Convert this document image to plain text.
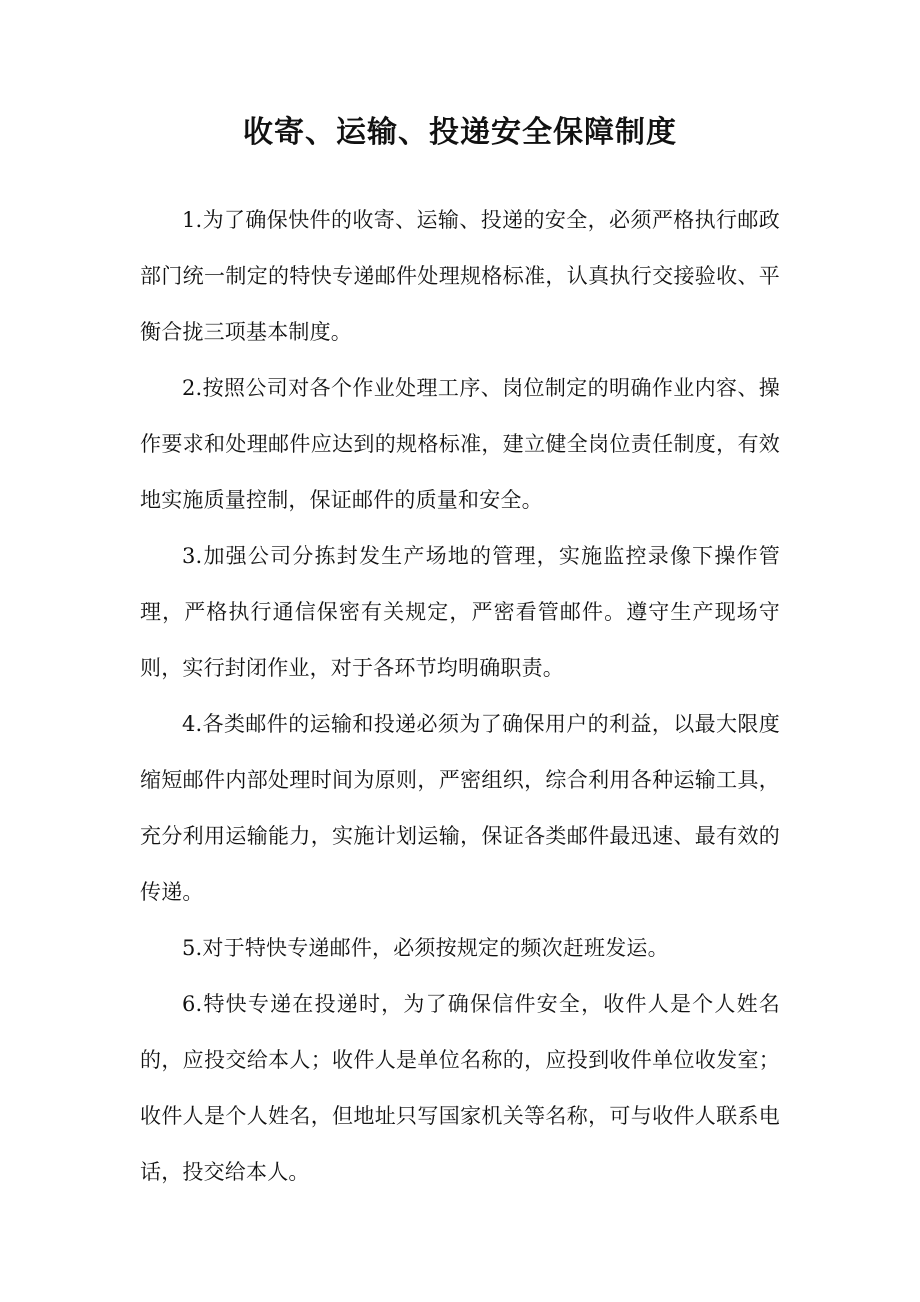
收寄、运输、投递安全保障制度

1.为了确保快件的收寄、运输、投递的安全，必须严格执行邮政部门统一制定的特快专递邮件处理规格标准，认真执行交接验收、平衡合拢三项基本制度。

2.按照公司对各个作业处理工序、岗位制定的明确作业内容、操作要求和处理邮件应达到的规格标准，建立健全岗位责任制度，有效地实施质量控制，保证邮件的质量和安全。

3.加强公司分拣封发生产场地的管理，实施监控录像下操作管理，严格执行通信保密有关规定，严密看管邮件。遵守生产现场守则，实行封闭作业，对于各环节均明确职责。

4.各类邮件的运输和投递必须为了确保用户的利益，以最大限度缩短邮件内部处理时间为原则，严密组织，综合利用各种运输工具，充分利用运输能力，实施计划运输，保证各类邮件最迅速、最有效的传递。

5.对于特快专递邮件，必须按规定的频次赶班发运。

6.特快专递在投递时，为了确保信件安全，收件人是个人姓名的，应投交给本人；收件人是单位名称的，应投到收件单位收发室；收件人是个人姓名，但地址只写国家机关等名称，可与收件人联系电话，投交给本人。
